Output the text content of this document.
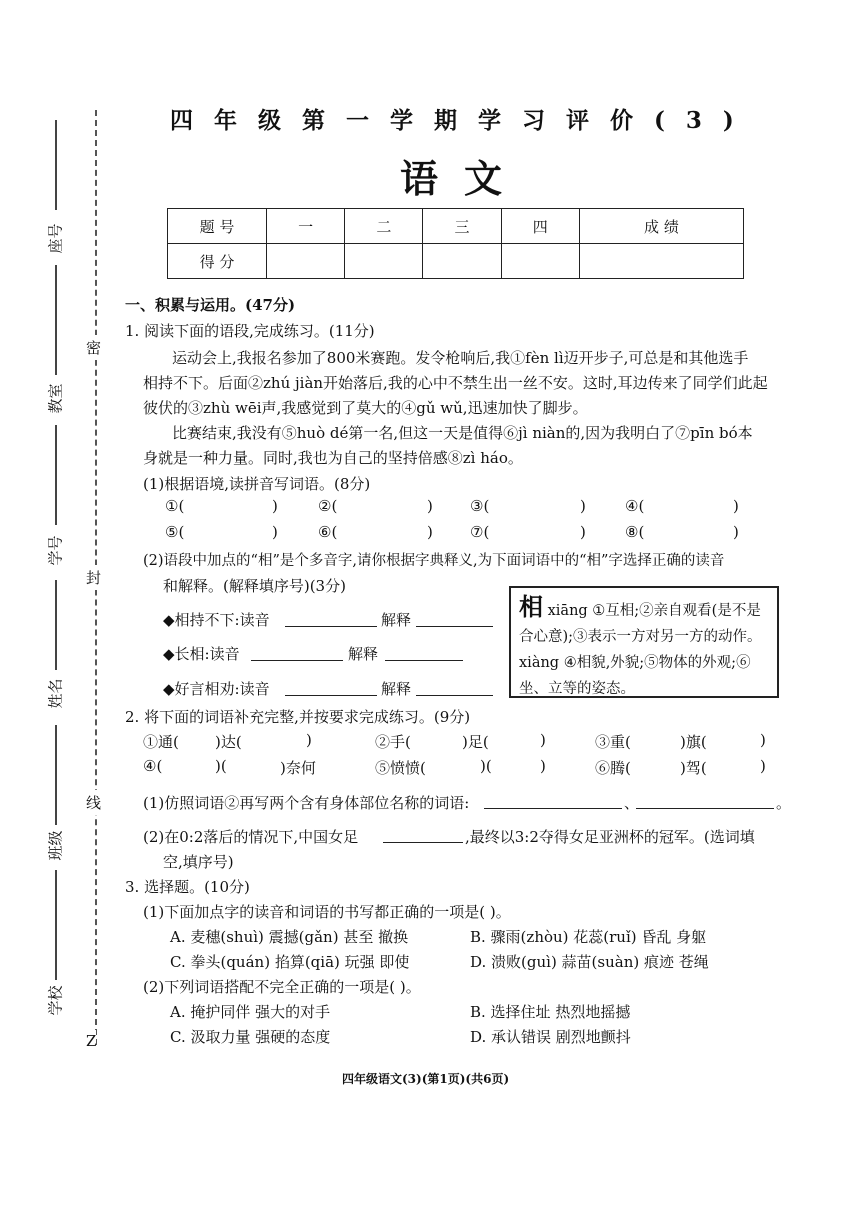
密
封
线
Z
座号
教室
学号
姓名
班级
学校
四年级第一学期学习评价(3)
语文
题 号	一	二	三	四	成 绩
得 分					
一、积累与运用。(47分)
1. 阅读下面的语段,完成练习。(11分)
运动会上,我报名参加了800米赛跑。发令枪响后,我①fèn lì迈开步子,可总是和其他选手
相持不下。后面②zhú jiàn开始落后,我的心中不禁生出一丝不安。这时,耳边传来了同学们此起
彼伏的③zhù wēi声,我感觉到了莫大的④gǔ wǔ,迅速加快了脚步。
比赛结束,我没有⑤huò dé第一名,但这一天是值得⑥jì niàn的,因为我明白了⑦pīn bó本
身就是一种力量。同时,我也为自己的坚持倍感⑧zì háo。
(1)根据语境,读拼音写词语。(8分)
①(	)	②(	) ③(	)	④(	)
⑤(	)	⑥(	) ⑦(	)	⑧(	)
(2)语段中加点的“相”是个多音字,请你根据字典释义,为下面词语中的“相”字选择正确的读音
和解释。(解释填序号)(3分)
◆相持不下:读音	解释
◆长相:读音	解释
◆好言相劝:读音	解释
相 xiāng ①互相;②亲自观看(是不是合心意);③表示一方对另一方的动作。 xiàng ④相貌,外貌;⑤物体的外观;⑥坐、立等的姿态。
2. 将下面的词语补充完整,并按要求完成练习。(9分)
①通( )达(	)	②手(	)足(	)	③重(	)旗(	)
④(	)(	)奈何	⑤愤愤(	)(	)	⑥腾(	)驾(	)
(1)仿照词语②再写两个含有身体部位名称的词语:	、	。
(2)在0:2落后的情况下,中国女足	,最终以3:2夺得女足亚洲杯的冠军。(选词填
空,填序号)
3. 选择题。(10分)
(1)下面加点字的读音和词语的书写都正确的一项是( )。
A. 麦穗(shuì) 震撼(gǎn) 甚至 撤换	B. 骤雨(zhòu) 花蕊(ruǐ) 昏乱 身躯
C. 拳头(quán) 掐算(qiā) 玩强 即使	D. 溃败(guì) 蒜苗(suàn) 痕迹 苍绳
(2)下列词语搭配不完全正确的一项是( )。
A. 掩护同伴 强大的对手	B. 选择住址 热烈地摇撼
C. 汲取力量 强硬的态度	D. 承认错误 剧烈地颤抖
四年级语文(3)(第1页)(共6页)
